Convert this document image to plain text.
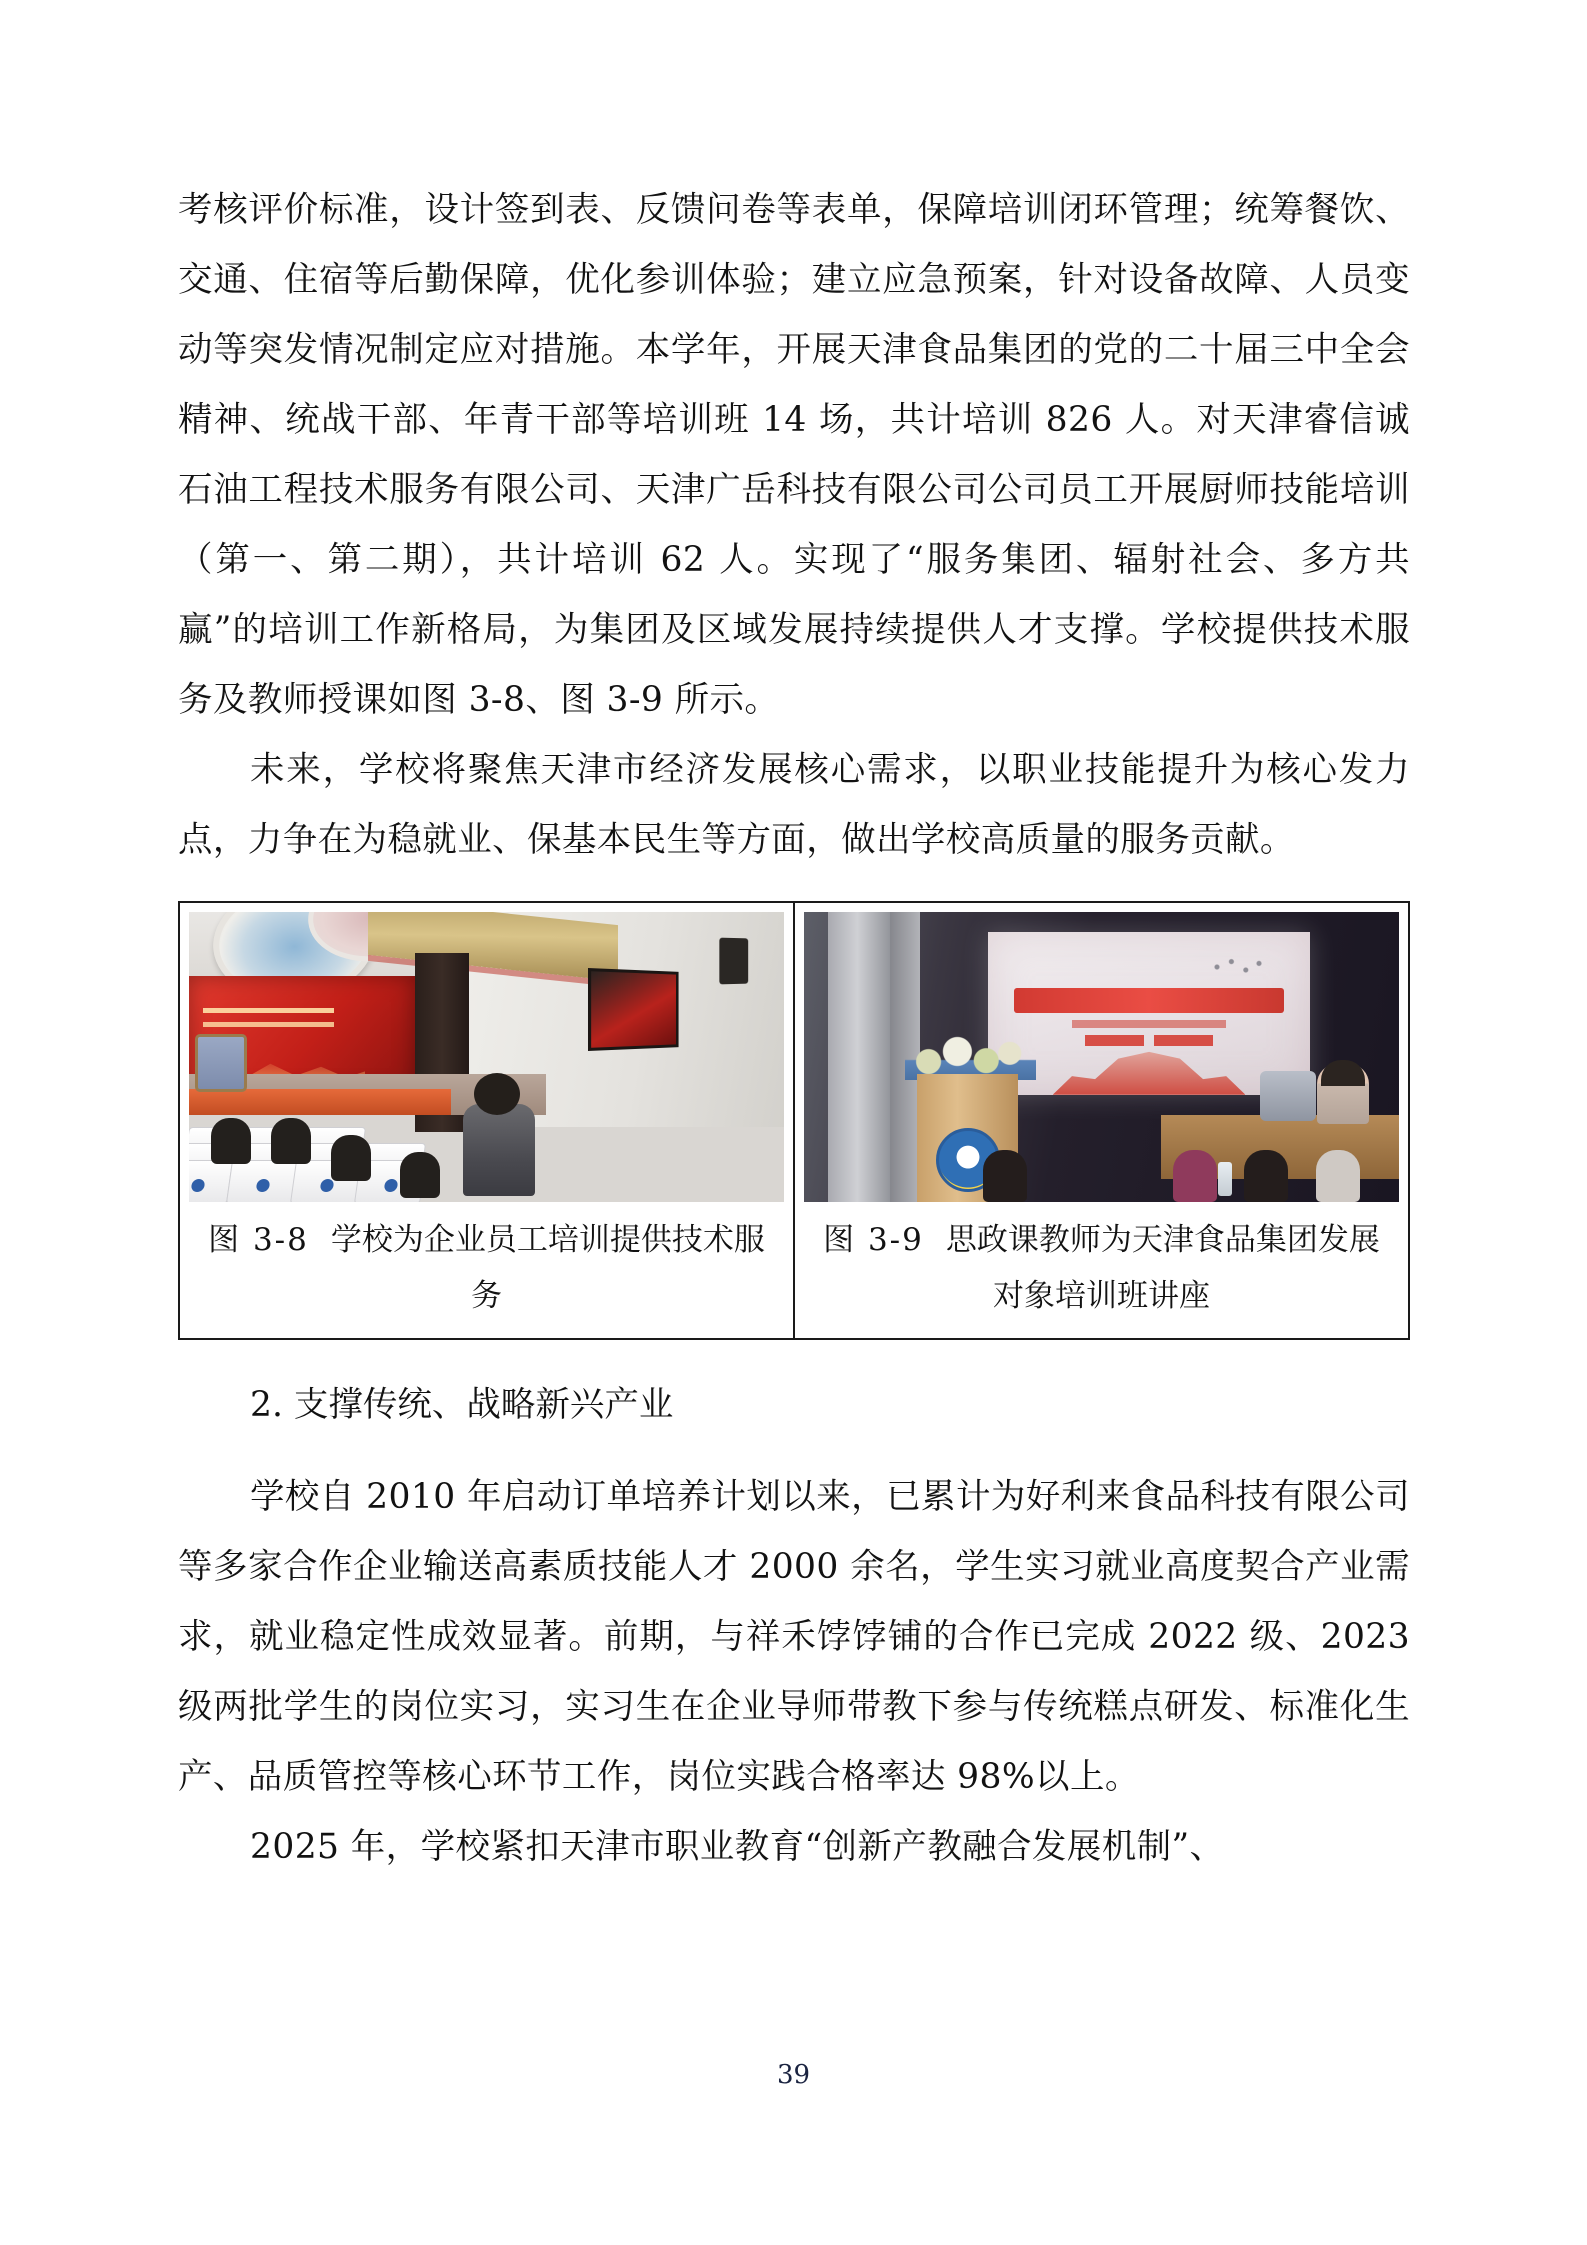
考核评价标准，设计签到表、反馈问卷等表单，保障培训闭环管理；统筹餐饮、交通、住宿等后勤保障，优化参训体验；建立应急预案，针对设备故障、人员变动等突发情况制定应对措施。本学年，开展天津食品集团的党的二十届三中全会精神、统战干部、年青干部等培训班 14 场，共计培训 826 人。对天津睿信诚石油工程技术服务有限公司、天津广岳科技有限公司公司员工开展厨师技能培训（第一、第二期），共计培训 62 人。实现了“服务集团、辐射社会、多方共赢”的培训工作新格局，为集团及区域发展持续提供人才支撑。学校提供技术服务及教师授课如图 3-8、图 3-9 所示。

未来，学校将聚焦天津市经济发展核心需求，以职业技能提升为核心发力点，力争在为稳就业、保基本民生等方面，做出学校高质量的服务贡献。

图 3-8 学校为企业员工培训提供技术服务

图 3-9 思政课教师为天津食品集团发展对象培训班讲座

2. 支撑传统、战略新兴产业

学校自 2010 年启动订单培养计划以来，已累计为好利来食品科技有限公司等多家合作企业输送高素质技能人才 2000 余名，学生实习就业高度契合产业需求，就业稳定性成效显著。前期，与祥禾饽饽铺的合作已完成 2022 级、2023 级两批学生的岗位实习，实习生在企业导师带教下参与传统糕点研发、标准化生产、品质管控等核心环节工作，岗位实践合格率达 98%以上。

2025 年，学校紧扣天津市职业教育“创新产教融合发展机制”、

39
